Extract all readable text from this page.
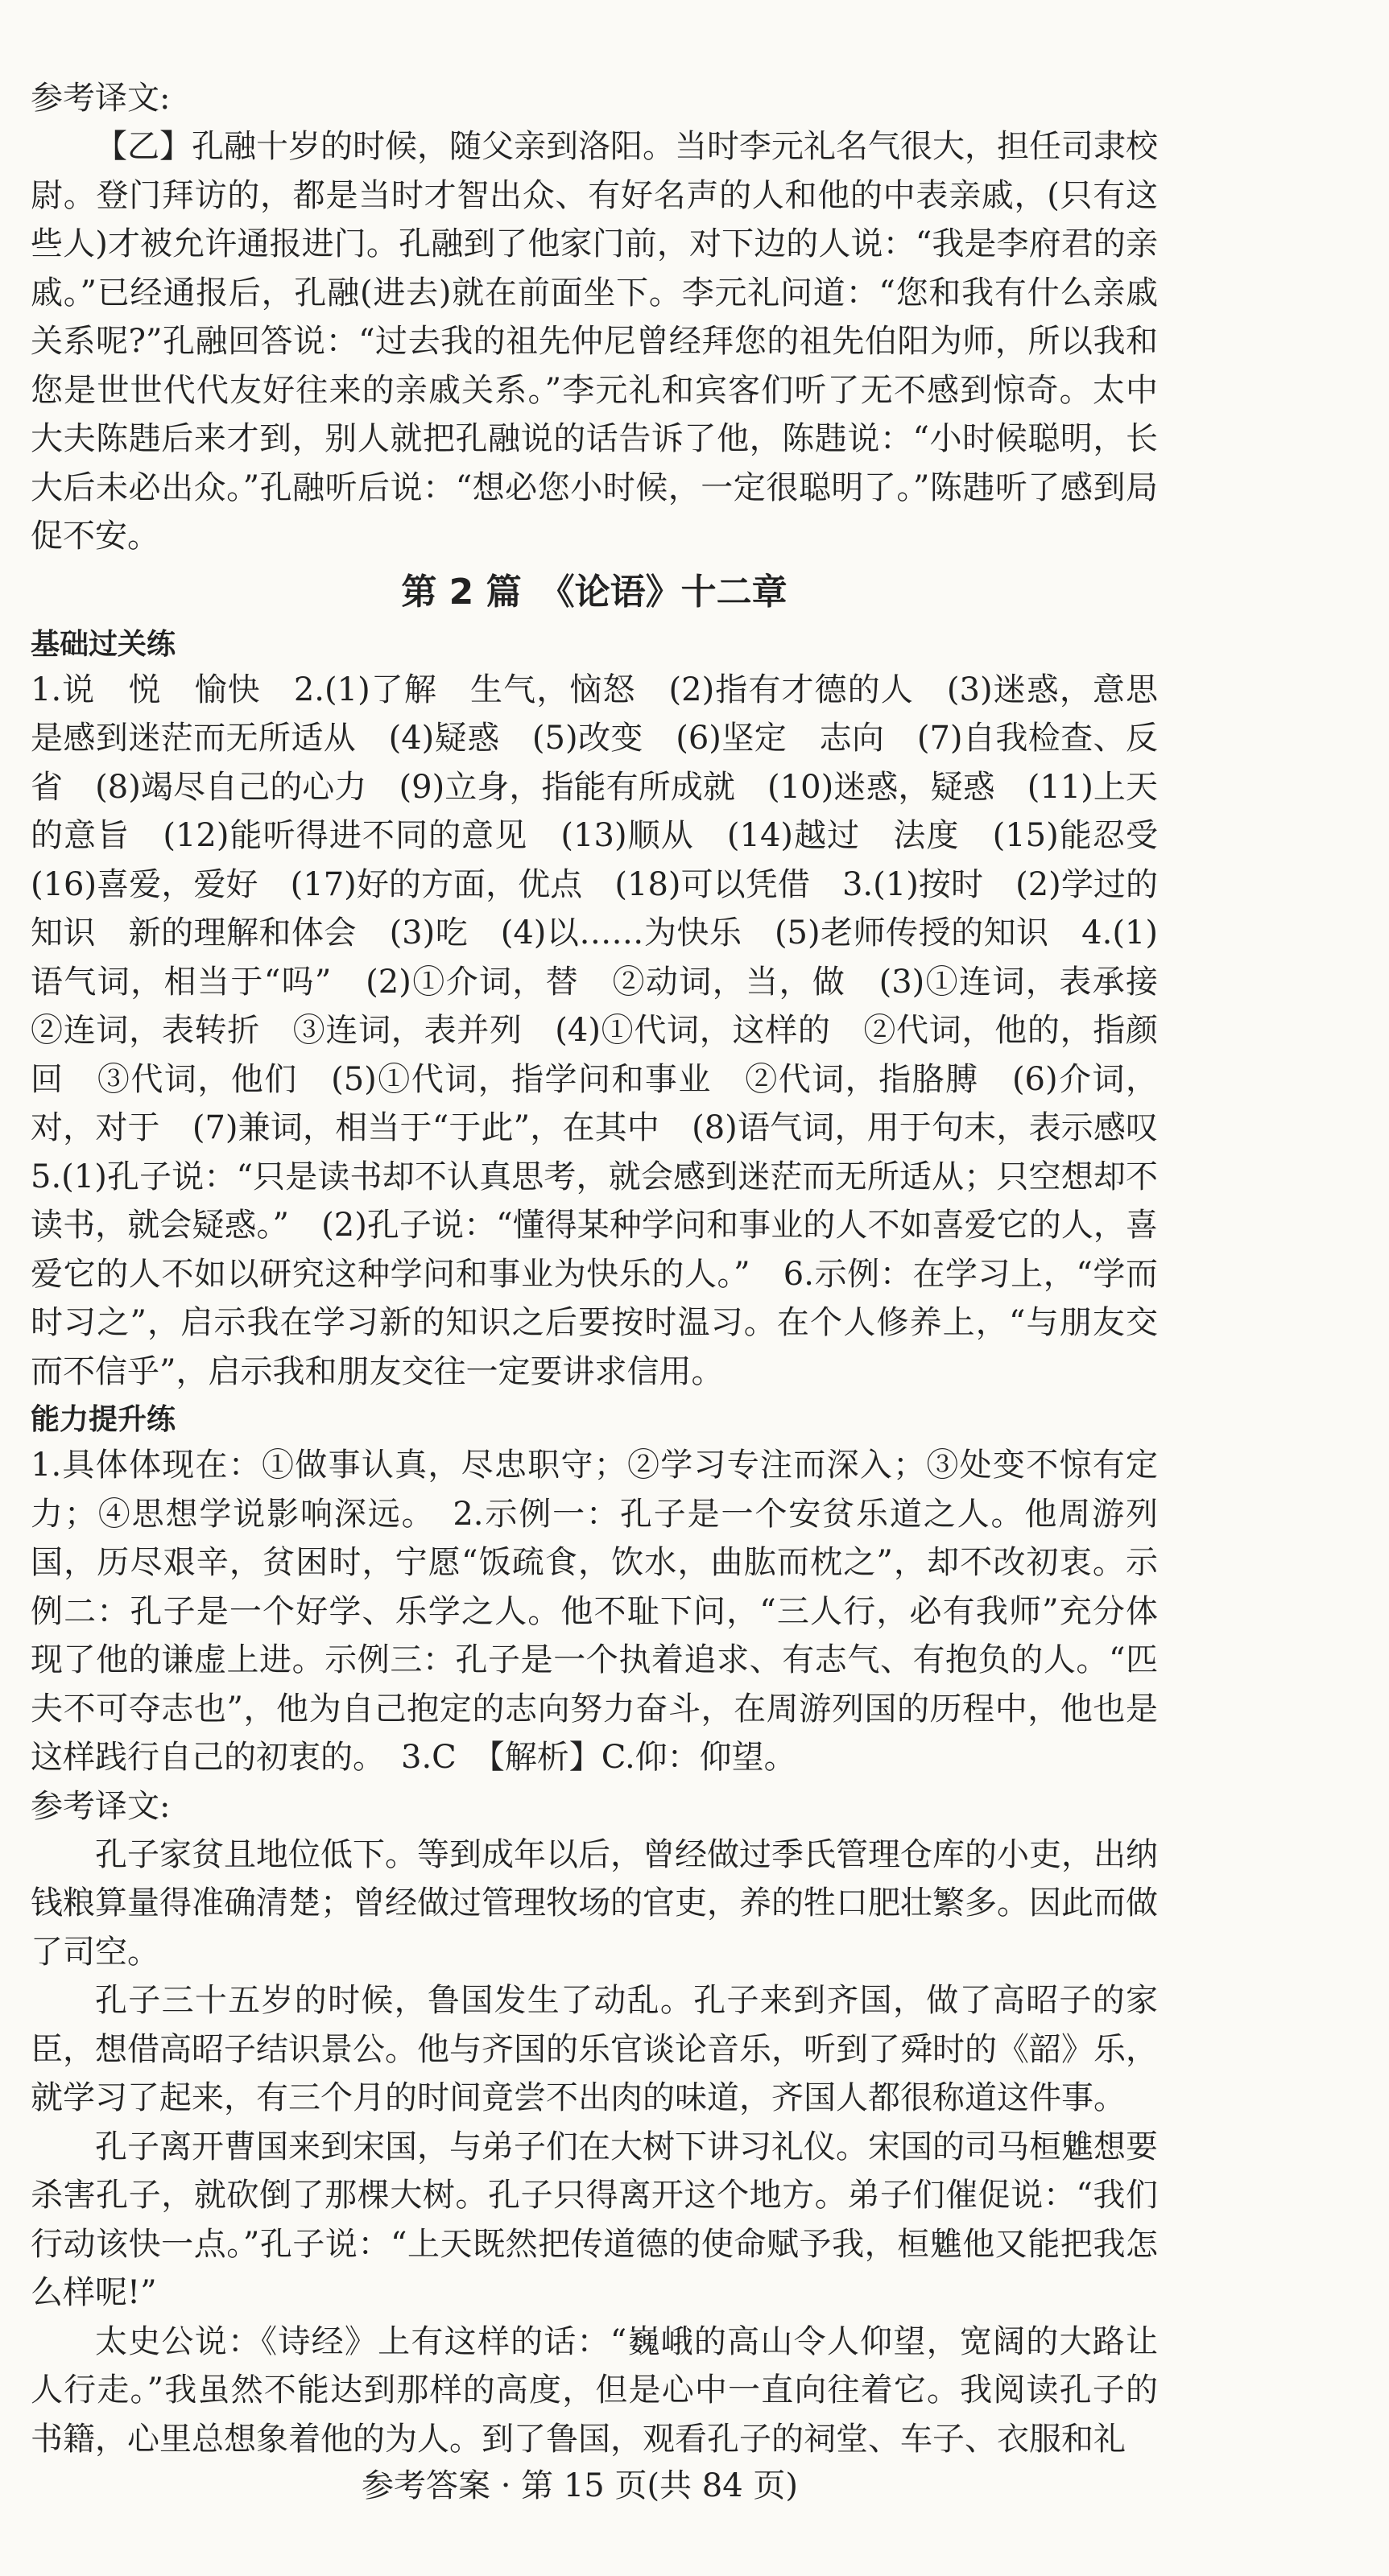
参考译文:

【乙】孔融十岁的时候，随父亲到洛阳。当时李元礼名气很大，担任司隶校尉。登门拜访的，都是当时才智出众、有好名声的人和他的中表亲戚，(只有这些人)才被允许通报进门。孔融到了他家门前，对下边的人说：“我是李府君的亲戚。”已经通报后，孔融(进去)就在前面坐下。李元礼问道：“您和我有什么亲戚关系呢?”孔融回答说：“过去我的祖先仲尼曾经拜您的祖先伯阳为师，所以我和您是世世代代友好往来的亲戚关系。”李元礼和宾客们听了无不感到惊奇。太中大夫陈韪后来才到，别人就把孔融说的话告诉了他，陈韪说：“小时候聪明，长大后未必出众。”孔融听后说：“想必您小时候，一定很聪明了。”陈韪听了感到局促不安。

第 2 篇　《论语》十二章
基础过关练

1.说　悦　愉快　2.(1)了解　生气，恼怒　(2)指有才德的人　(3)迷惑，意思是感到迷茫而无所适从　(4)疑惑　(5)改变　(6)坚定　志向　(7)自我检查、反省　(8)竭尽自己的心力　(9)立身，指能有所成就　(10)迷惑，疑惑　(11)上天的意旨　(12)能听得进不同的意见　(13)顺从　(14)越过　法度　(15)能忍受　(16)喜爱，爱好　(17)好的方面，优点　(18)可以凭借　3.(1)按时　(2)学过的知识　新的理解和体会　(3)吃　(4)以……为快乐　(5)老师传授的知识　4.(1)语气词，相当于“吗”　(2)①介词，替　②动词，当，做　(3)①连词，表承接　②连词，表转折　③连词，表并列　(4)①代词，这样的　②代词，他的，指颜回　③代词，他们　(5)①代词，指学问和事业　②代词，指胳膊　(6)介词，对，对于　(7)兼词，相当于“于此”，在其中　(8)语气词，用于句末，表示感叹　5.(1)孔子说：“只是读书却不认真思考，就会感到迷茫而无所适从；只空想却不读书，就会疑惑。”　(2)孔子说：“懂得某种学问和事业的人不如喜爱它的人，喜爱它的人不如以研究这种学问和事业为快乐的人。”　6.示例：在学习上，“学而时习之”，启示我在学习新的知识之后要按时温习。在个人修养上，“与朋友交而不信乎”，启示我和朋友交往一定要讲求信用。

能力提升练

1.具体体现在：①做事认真，尽忠职守；②学习专注而深入；③处变不惊有定力；④思想学说影响深远。　2.示例一：孔子是一个安贫乐道之人。他周游列国，历尽艰辛，贫困时，宁愿“饭疏食，饮水，曲肱而枕之”，却不改初衷。示例二：孔子是一个好学、乐学之人。他不耻下问，“三人行，必有我师”充分体现了他的谦虚上进。示例三：孔子是一个执着追求、有志气、有抱负的人。“匹夫不可夺志也”，他为自己抱定的志向努力奋斗，在周游列国的历程中，他也是这样践行自己的初衷的。　3.C　【解析】C.仰：仰望。

参考译文:

孔子家贫且地位低下。等到成年以后，曾经做过季氏管理仓库的小吏，出纳钱粮算量得准确清楚；曾经做过管理牧场的官吏，养的牲口肥壮繁多。因此而做了司空。

孔子三十五岁的时候，鲁国发生了动乱。孔子来到齐国，做了高昭子的家臣，想借高昭子结识景公。他与齐国的乐官谈论音乐，听到了舜时的《韶》乐，就学习了起来，有三个月的时间竟尝不出肉的味道，齐国人都很称道这件事。

孔子离开曹国来到宋国，与弟子们在大树下讲习礼仪。宋国的司马桓魋想要杀害孔子，就砍倒了那棵大树。孔子只得离开这个地方。弟子们催促说：“我们行动该快一点。”孔子说：“上天既然把传道德的使命赋予我，桓魋他又能把我怎么样呢!”

太史公说：《诗经》上有这样的话：“巍峨的高山令人仰望，宽阔的大路让人行走。”我虽然不能达到那样的高度，但是心中一直向往着它。我阅读孔子的书籍，心里总想象着他的为人。到了鲁国，观看孔子的祠堂、车子、衣服和礼

参考答案 · 第 15 页(共 84 页)
